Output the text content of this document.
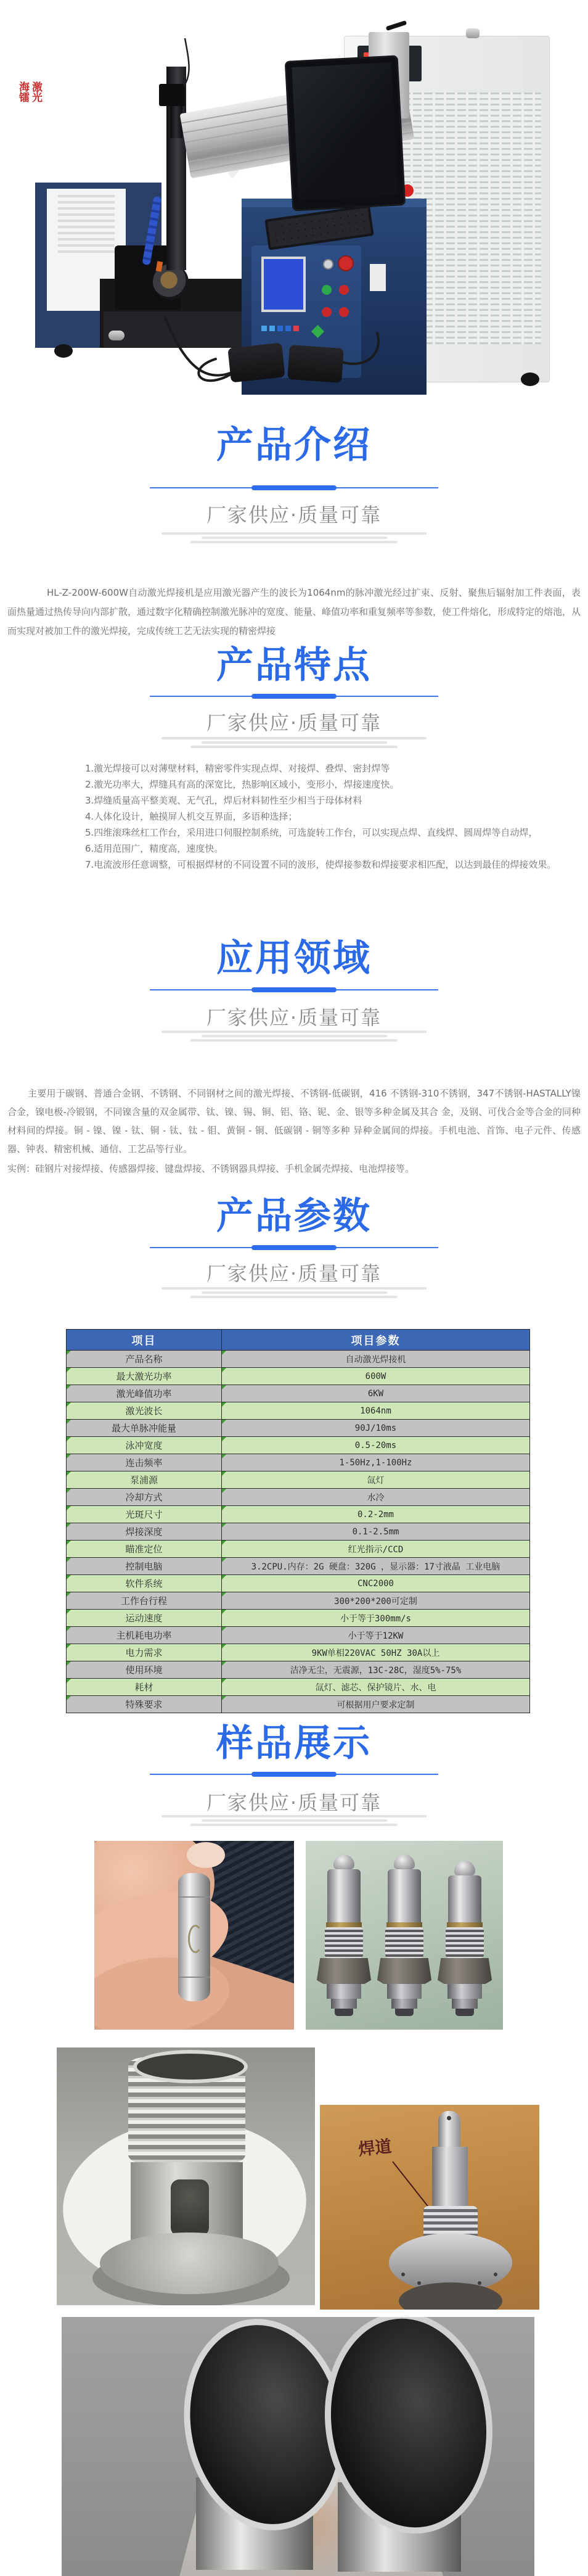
海镭激光
产品介绍
厂家供应·质量可靠

HL-Z-200W-600W自动激光焊接机是应用激光器产生的波长为1064nm的脉冲激光经过扩束、反射、聚焦后辐射加工件表面，表面热量通过热传导向内部扩散，通过数字化精确控制激光脉冲的宽度、能量、峰值功率和重复频率等参数，使工件熔化，形成特定的熔池，从而实现对被加工件的激光焊接，完成传统工艺无法实现的精密焊接

产品特点
厂家供应·质量可靠

1.激光焊接可以对薄壁材料，精密零件实现点焊、对接焊、叠焊、密封焊等

2.激光功率大，焊缝具有高的深宽比，热影响区域小，变形小，焊接速度快。

3.焊缝质量高平整美观、无气孔，焊后材料韧性至少相当于母体材料

4.人体化设计，触摸屏人机交互界面，多语种选择；

5.四维滚珠丝杠工作台，采用进口伺服控制系统，可选旋转工作台，可以实现点焊、直线焊、圆周焊等自动焊，

6.适用范围广，精度高，速度快。

7.电流波形任意调整，可根据焊材的不同设置不同的波形，使焊接参数和焊接要求相匹配，以达到最佳的焊接效果。

应用领域
厂家供应·质量可靠

主要用于碳钢、普通合金钢、不锈钢、不同钢材之间的激光焊接、不锈钢-低碳钢，416 不锈钢-310不锈钢，347不锈钢-HASTALLY镍合金，镍电极-冷锻钢，不同镍含量的双金属带、钛、镍、锡、铜、铝、铬、铌、金、银等多种金属及其合 金，及钢、可伐合金等合金的同种材料间的焊接。铜 - 镍、镍 - 钛、铜 - 钛、钛 - 钼、黄铜 - 铜、低碳钢 - 铜等多种 异种金属间的焊接。手机电池、首饰、电子元件、传感器、钟表、精密机械、通信、工艺品等行业。

实例：硅钢片对接焊接、传感器焊接、键盘焊接、不锈钢器具焊接、手机金属壳焊接、电池焊接等。

产品参数
厂家供应·质量可靠
项目	项目参数
产品名称	自动激光焊接机
最大激光功率	600W
激光峰值功率	6KW
激光波长	1064nm
最大单脉冲能量	90J/10ms
泳冲宽度	0.5-20ms
连击频率	1-50Hz,1-100Hz
泵浦源	氙灯
冷却方式	水冷
光斑尺寸	0.2-2mm
焊接深度	0.1-2.5mm
瞄准定位	红光指示/CCD
控制电脑	3.2CPU.内存：2G 硬盘：320G ，显示器：17寸液晶 工业电脑
软件系统	CNC2000
工作台行程	300*200*200可定制
运动速度	小于等于300mm/s
主机耗电功率	小于等于12KW
电力需求	9KW单相220VAC 50HZ 30A以上
使用环境	洁净无尘，无震源，13C-28C，湿度5%-75%
耗材	氙灯、滤芯、保护镜片、水、电
特殊要求	可根据用户要求定制
样品展示
厂家供应·质量可靠
焊道
